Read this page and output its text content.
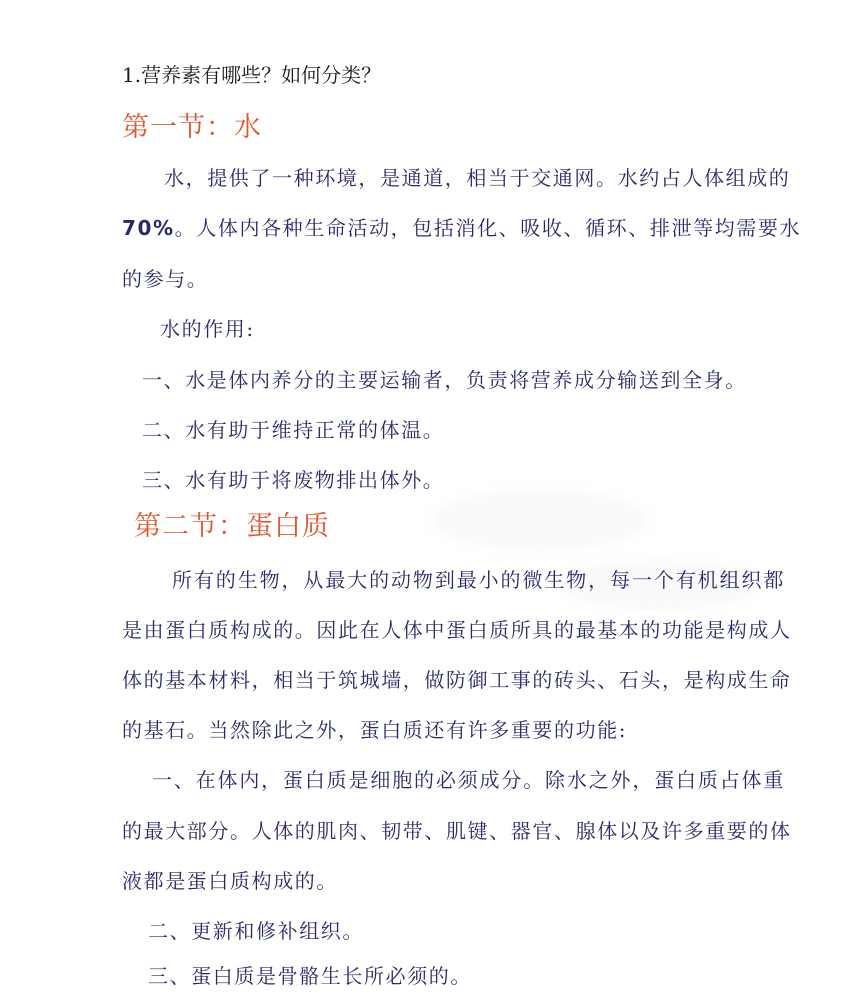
1.营养素有哪些？如何分类？
第一节：水
水，提供了一种环境，是通道，相当于交通网。水约占人体组成的
70%。人体内各种生命活动，包括消化、吸收、循环、排泄等均需要水
的参与。
水的作用:
一、水是体内养分的主要运输者，负责将营养成分输送到全身。
二、水有助于维持正常的体温。
三、水有助于将废物排出体外。
第二节：蛋白质
所有的生物，从最大的动物到最小的微生物，每一个有机组织都
是由蛋白质构成的。因此在人体中蛋白质所具的最基本的功能是构成人
体的基本材料，相当于筑城墙，做防御工事的砖头、石头，是构成生命
的基石。当然除此之外，蛋白质还有许多重要的功能:
一、在体内，蛋白质是细胞的必须成分。除水之外，蛋白质占体重
的最大部分。人体的肌肉、韧带、肌键、器官、腺体以及许多重要的体
液都是蛋白质构成的。
二、更新和修补组织。
三、蛋白质是骨骼生长所必须的。
